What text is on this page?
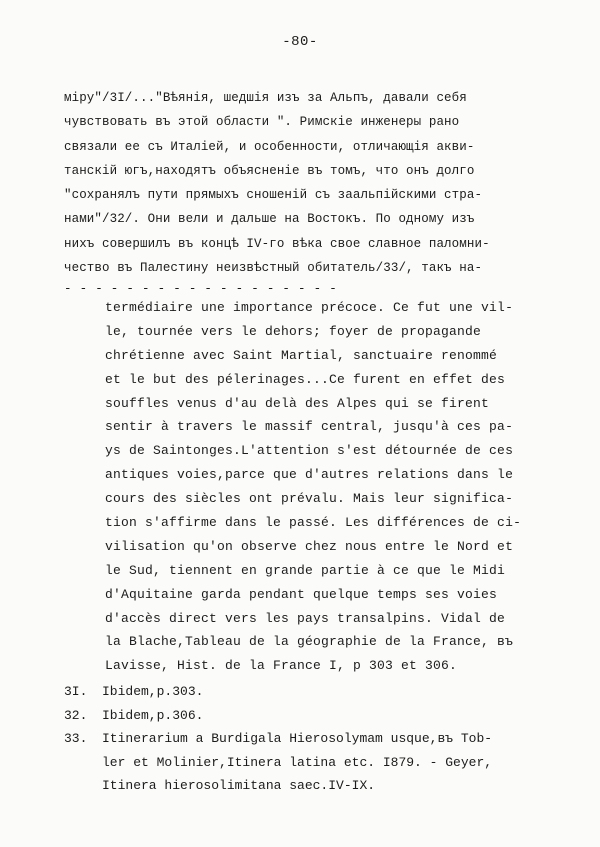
-80-
міру"/3I/..."Вѣянія, шедшія изъ за Альпъ, давали себя
чувствовать въ этой области ". Римскіе инженеры рано
связали ее съ Италіей, и особенности, отличающія акви-
танскій югъ,находятъ объясненіе въ томъ, что онъ долго
"сохранялъ пути прямыхъ сношеній съ заальпійскими стра-
нами"/32/. Они вели и дальше на Востокъ. По одному изъ
нихъ совершилъ въ концѣ IV-го вѣка свое славное паломни-
чество въ Палестину неизвѣстный обитатель/33/, такъ на-
- - - - - - - - - - - - - - - - - -
termédiaire une importance précoce. Ce fut une vil-
le, tournée vers le dehors; foyer de propagande
chrétienne avec Saint Martial, sanctuaire renommé
et le but des pélerinages...Ce furent en effet des
souffles venus d'au delà des Alpes qui se firent
sentir à travers le massif central, jusqu'à ces pa-
ys de Saintonges.L'attention s'est détournée de ces
antiques voies,parce que d'autres relations dans le
cours des siècles ont prévalu. Mais leur significa-
tion s'affirme dans le passé. Les différences de ci-
vilisation qu'on observe chez nous entre le Nord et
le Sud, tiennent en grande partie à ce que le Midi
d'Aquitaine garda pendant quelque temps ses voies
d'accès direct vers les pays transalpins. Vidal de
la Blache,Tableau de la géographie de la France, въ
Lavisse, Hist. de la France I, p 303 et 306.
3I. Ibidem,p.303.
32. Ibidem,p.306.
33. Itinerarium a Burdigala Hierosolymam usque,въ Tob-
ler et Molinier,Itinera latina etc. I879. - Geyer,
Itinera hierosolimitana saec.IV-IX.
